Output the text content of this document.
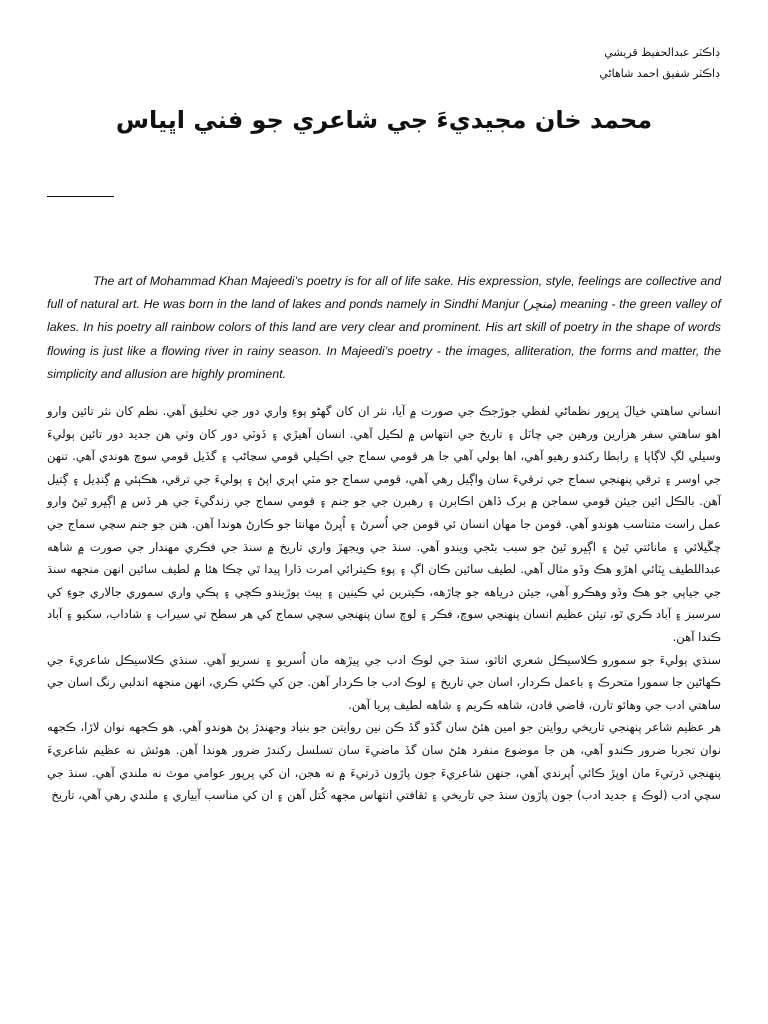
ڊاڪٽر عبدالحفيظ قريشي
ڊاڪٽر شفيق احمد شاهاڻي
محمد خان مجيديءَ جي شاعري جو فني اڀياس
The art of Mohammad Khan Majeedi’s poetry is for all of life sake. His expression, style, feelings are collective and full of natural art. He was born in the land of lakes and ponds namely in Sindhi Manjur (منڇر) meaning - the green valley of lakes. In his poetry all rainbow colors of this land are very clear and prominent. His art skill of poetry in the shape of words flowing is just like a flowing river in rainy season. In Majeedi’s poetry - the images, alliteration, the forms and matter, the simplicity and allusion are highly prominent.

انساني ساهتي خيالَ ڀرپور نظماڻي لفظي جوڙجڪ جي صورت ۾ آيا، نثر ان کان گهڻو پوءِ واري دور جي تخليق آهي. نظم کان نثر تائين وارو اهو ساهتي سفر هزارين ورهين جي چاٽل ۽ تاريخ جي انتهاس ۾ لڪيل آهي. انسان آهيڙي ۽ ڏوٽي دور کان وٺي هن جديد دور تائين ٻوليءَ وسيلي لڳ لاڳاپا ۽ رابطا رکندو رهيو آهي، اها ٻولي آهي جا هر قومي سماج جي اڪيلي قومي سڃاڻپ ۽ گڏيل قومي سوچ هوندي آهي. تنهن جي اوسر ۽ ترقي پنهنجي سماج جي ترقيءَ سان واڳيل رهي آهي، قومي سماج جو مٽي اپري اپڻ ۽ ٻوليءَ جي ترقي، هڪٻئي ۾ ڳنڍيل ۽ ڳتيل آهن. بالڪل ائين جيئن قومي سماجن ۾ برک ڏاهن اڪابرن ۽ رهبرن جي جو جنم ۽ قومي سماج جي زندگيءَ جي هر ڏس ۾ اڳڀرو ٿيڻ وارو عمل راست متناسب هوندو آهي. قومن جا مهان انسان ئي قومن جي اُسرڻ ۽ اُڀرڻ مهانتا جو ڪارڻ هوندا آهن. هنن جو جنم سچي سماج جي چڱيلائي ۽ مانائتي ٿيڻ ۽ اڳڀرو ٿيڻ جو سبب بڻجي ويندو آهي. سنڌ جي ويجهڙ واري تاريخ ۾ سنڌ جي فڪري مهندار جي صورت ۾ شاهه عبداللطيف ڀٽائي اهڙو هڪ وڏو مثال آهي. لطيف سائين ڪان اڳ ۽ پوءِ ڪيترائي امرت ڌارا پيدا ٿي چڪا هئا ۾ لطيف سائين انهن منجهه سنڌ جي جياپي جو هڪ وڏو وهڪرو آهي، جيئن درياهه جو چاڙهه، ڪيترين ئي ڪينين ۽ ٻيٽ ٻوڙيندو ڪچي ۽ پڪي واري سموري جالاري جوءِ کي سرسبز ۽ آباد ڪري ٿو، تيئن عظيم انسان پنهنجي سوچ، فڪر ۽ لوچ سان پنهنجي سچي سماج کي هر سطح تي سيراب ۽ شاداب، سکيو ۽ آباد ڪندا آهن.

سنڌي ٻوليءَ جو سمورو ڪلاسيڪل شعري اثاثو، سنڌ جي لوڪ ادب جي پيڙهه مان اُسريو ۽ نسريو آهي. سنڌي ڪلاسيڪل شاعريءَ جي ڪهاڻين جا سمورا متحرڪ ۽ باعمل ڪردار، اسان جي تاريخ ۽ لوڪ ادب جا ڪردار آهن. جن کي ڪئي ڪري، انهن منجهه اندلبي رنگ اسان جي ساهتي ادب جي وهائو تارن، قاضي قادن، شاهه ڪريم ۽ شاهه لطيف پريا آهن.

هر عظيم شاعر پنهنجي تاريخي روايتن جو امين هئڻ سان گڏو گڏ ڪن نين روايتن جو بنياد وجهندڙ پڻ هوندو آهي. هو ڪجهه نوان لاڙا، ڪجهه نوان تجربا ضرور ڪندو آهي، هن جا موضوع منفرد هئڻ سان گڏ ماضيءَ سان تسلسل رکندڙ ضرور هوندا آهن. هوئش نه عظيم شاعريءَ پنهنجي ڌرتيءَ مان اوپڙ ڪائي اُپرندي آهي، جنهن شاعريءَ جون پاڙون ڌرتيءَ ۾ نه هجن، ان کي پرپور عوامي موٽ نه ملندي آهي. سنڌ جي سچي ادب (لوڪ ۽ جديد ادب) جون پاڙون سنڌ جي تاريخي ۽ ثقافتي انتهاس مجهه کُتل آهن ۽ ان کي مناسب آبياري ۽ ملندي رهي آهي، تاريخ
